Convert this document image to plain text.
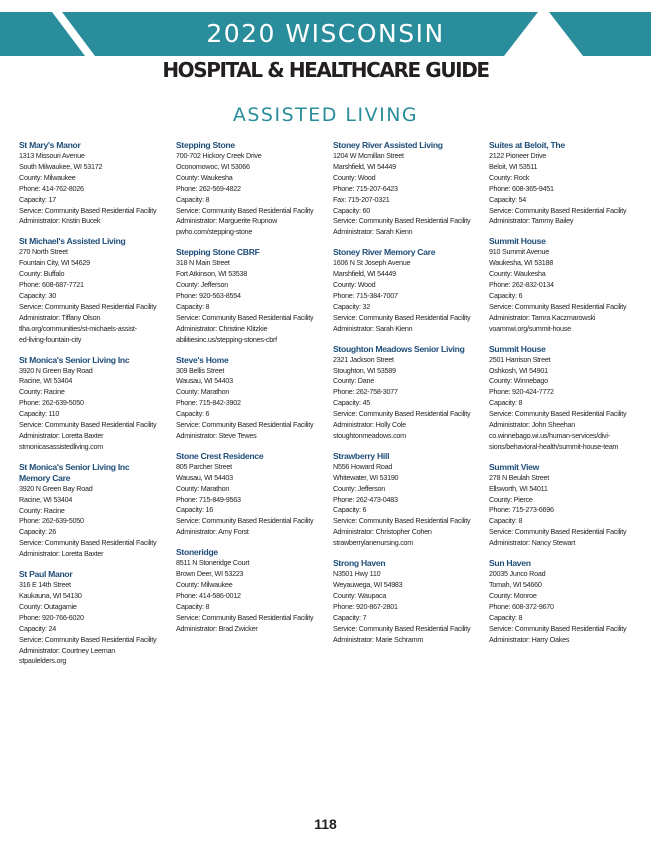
2020 WISCONSIN
HOSPITAL & HEALTHCARE GUIDE
ASSISTED LIVING
St Mary's Manor
1313 Missouri Avenue
South Milwaukee, WI 53172
County: Milwaukee
Phone: 414-762-8026
Capacity: 17
Service: Community Based Residential Facility
Administrator: Kristin Bucek
St Michael's Assisted Living
270 North Street
Fountain City, WI 54629
County: Buffalo
Phone: 608-687-7721
Capacity: 30
Service: Community Based Residential Facility
Administrator: Tiffany Olson
tlha.org/communities/st-michaels-assist-
ed-living-fountain-city
St Monica's Senior Living Inc
3920 N Green Bay Road
Racine, WI 53404
County: Racine
Phone: 262-639-5050
Capacity: 110
Service: Community Based Residential Facility
Administrator: Loretta Baxter
stmonicasassistedliving.com
St Monica's Senior Living Inc
Memory Care
3920 N Green Bay Road
Racine, WI 53404
County: Racine
Phone: 262-639-5050
Capacity: 26
Service: Community Based Residential Facility
Administrator: Loretta Baxter
St Paul Manor
316 E 14th Street
Kaukauna, WI 54130
County: Outagamie
Phone: 920-766-6020
Capacity: 24
Service: Community Based Residential Facility
Administrator: Courtney Leeman
stpaulelders.org
Stepping Stone
700-702 Hickory Creek Drive
Oconomowoc, WI 53066
County: Waukesha
Phone: 262-569-4822
Capacity: 8
Service: Community Based Residential Facility
Administrator: Marguerite Rupnow
pwho.com/stepping-stone
Stepping Stone CBRF
318 N Main Street
Fort Atkinson, WI 53538
County: Jefferson
Phone: 920-563-8554
Capacity: 8
Service: Community Based Residential Facility
Administrator: Christine Klitzkie
abilitiesinc.us/stepping-stones-cbrf
Steve's Home
309 Bellis Street
Wausau, WI 54403
County: Marathon
Phone: 715-842-3902
Capacity: 6
Service: Community Based Residential Facility
Administrator: Steve Tewes
Stone Crest Residence
805 Parcher Street
Wausau, WI 54403
County: Marathon
Phone: 715-849-9563
Capacity: 16
Service: Community Based Residential Facility
Administrator: Amy Forst
Stoneridge
8511 N Stoneridge Court
Brown Deer, WI 53223
County: Milwaukee
Phone: 414-586-0012
Capacity: 8
Service: Community Based Residential Facility
Administrator: Brad Zwicker
Stoney River Assisted Living
1204 W Mcmillan Street
Marshfield, WI 54449
County: Wood
Phone: 715-207-6423
Fax: 715-207-0321
Capacity: 60
Service: Community Based Residential Facility
Administrator: Sarah Kienn
Stoney River Memory Care
1606 N St Joseph Avenue
Marshfield, WI 54449
County: Wood
Phone: 715-384-7007
Capacity: 32
Service: Community Based Residential Facility
Administrator: Sarah Kienn
Stoughton Meadows Senior Living
2321 Jackson Street
Stoughton, WI 53589
County: Dane
Phone: 262-758-3077
Capacity: 45
Service: Community Based Residential Facility
Administrator: Holly Cole
stoughtonmeadows.com
Strawberry Hill
N556 Howard Road
Whitewater, WI 53190
County: Jefferson
Phone: 262-473-0483
Capacity: 6
Service: Community Based Residential Facility
Administrator: Christopher Cohen
strawberrylanenursing.com
Strong Haven
N3501 Hwy 110
Weyauwega, WI 54983
County: Waupaca
Phone: 920-867-2801
Capacity: 7
Service: Community Based Residential Facility
Administrator: Marie Schramm
Suites at Beloit, The
2122 Pioneer Drive
Beloit, WI 53511
County: Rock
Phone: 608-365-9451
Capacity: 54
Service: Community Based Residential Facility
Administrator: Tammy Bailey
Summit House
910 Summit Avenue
Waukesha, WI 53188
County: Waukesha
Phone: 262-832-0134
Capacity: 6
Service: Community Based Residential Facility
Administrator: Tamra Kaczmarowski
voamnwi.org/summit-house
Summit House
2501 Harrison Street
Oshkosh, WI 54901
County: Winnebago
Phone: 920-424-7772
Capacity: 8
Service: Community Based Residential Facility
Administrator: John Sheehan
co.winnebago.wi.us/human-services/divi-
sions/behavioral-health/summit-house-team
Summit View
278 N Beulah Street
Ellsworth, WI 54011
County: Pierce
Phone: 715-273-6696
Capacity: 8
Service: Community Based Residential Facility
Administrator: Nancy Stewart
Sun Haven
20035 Junco Road
Tomah, WI 54660
County: Monroe
Phone: 608-372-9670
Capacity: 8
Service: Community Based Residential Facility
Administrator: Harry Oakes
118
